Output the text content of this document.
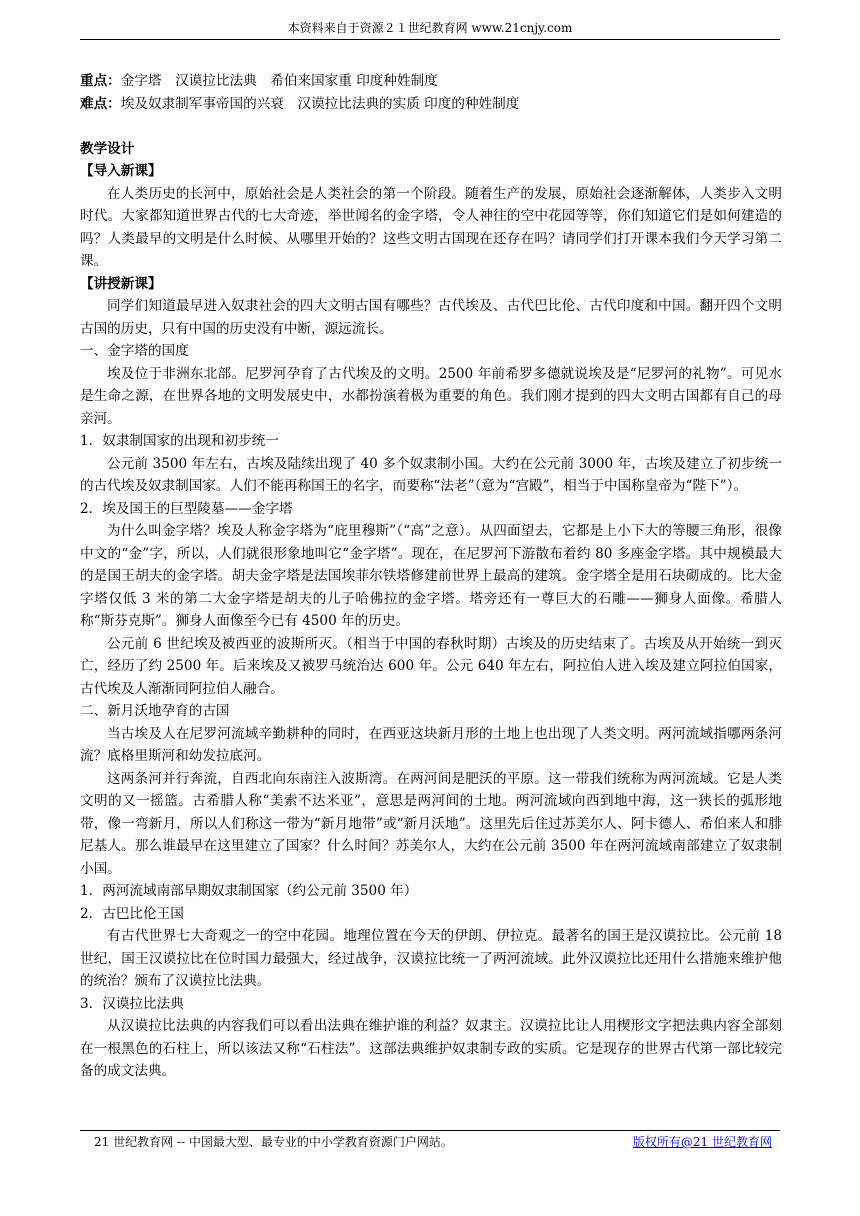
本资料来自于资源２１世纪教育网 www.21cnjy.com

重点：金字塔　汉谟拉比法典　希伯来国家重 印度种姓制度

难点：埃及奴隶制军事帝国的兴衰　汉谟拉比法典的实质 印度的种姓制度

教学设计

【导入新课】

在人类历史的长河中，原始社会是人类社会的第一个阶段。随着生产的发展，原始社会逐渐解体，人类步入文明时代。大家都知道世界古代的七大奇迹，举世闻名的金字塔，令人神往的空中花园等等，你们知道它们是如何建造的吗？人类最早的文明是什么时候、从哪里开始的？这些文明古国现在还存在吗？请同学们打开课本我们今天学习第二课。

【讲授新课】

同学们知道最早进入奴隶社会的四大文明古国有哪些？古代埃及、古代巴比伦、古代印度和中国。翻开四个文明古国的历史，只有中国的历史没有中断，源远流长。

一、金字塔的国度

埃及位于非洲东北部。尼罗河孕育了古代埃及的文明。2500 年前希罗多德就说埃及是“尼罗河的礼物”。可见水是生命之源，在世界各地的文明发展史中，水都扮演着极为重要的角色。我们刚才提到的四大文明古国都有自己的母亲河。

1．奴隶制国家的出现和初步统一

公元前 3500 年左右，古埃及陆续出现了 40 多个奴隶制小国。大约在公元前 3000 年，古埃及建立了初步统一的古代埃及奴隶制国家。人们不能再称国王的名字，而要称“法老”（意为“宫殿”，相当于中国称皇帝为“陛下”）。

2．埃及国王的巨型陵墓——金字塔

为什么叫金字塔？埃及人称金字塔为“庇里穆斯”（“高”之意）。从四面望去，它都是上小下大的等腰三角形，很像中文的“金”字，所以，人们就很形象地叫它“金字塔”。现在，在尼罗河下游散布着约 80 多座金字塔。其中规模最大的是国王胡夫的金字塔。胡夫金字塔是法国埃菲尔铁塔修建前世界上最高的建筑。金字塔全是用石块砌成的。比大金字塔仅低 3 米的第二大金字塔是胡夫的儿子哈佛拉的金字塔。塔旁还有一尊巨大的石雕——狮身人面像。希腊人称“斯芬克斯”。狮身人面像至今已有 4500 年的历史。

公元前 6 世纪埃及被西亚的波斯所灭。（相当于中国的春秋时期）古埃及的历史结束了。古埃及从开始统一到灭亡，经历了约 2500 年。后来埃及又被罗马统治达 600 年。公元 640 年左右，阿拉伯人进入埃及建立阿拉伯国家，古代埃及人渐渐同阿拉伯人融合。

二、新月沃地孕育的古国

当古埃及人在尼罗河流域辛勤耕种的同时，在西亚这块新月形的土地上也出现了人类文明。两河流域指哪两条河流？底格里斯河和幼发拉底河。

这两条河并行奔流，自西北向东南注入波斯湾。在两河间是肥沃的平原。这一带我们统称为两河流域。它是人类文明的又一摇篮。古希腊人称“美索不达米亚”，意思是两河间的土地。两河流域向西到地中海，这一狭长的弧形地带，像一弯新月，所以人们称这一带为“新月地带”或“新月沃地”。这里先后住过苏美尔人、阿卡德人、希伯来人和腓尼基人。那么谁最早在这里建立了国家？什么时间？苏美尔人，大约在公元前 3500 年在两河流域南部建立了奴隶制小国。

1．两河流域南部早期奴隶制国家（约公元前 3500 年）

2．古巴比伦王国

有古代世界七大奇观之一的空中花园。地理位置在今天的伊朗、伊拉克。最著名的国王是汉谟拉比。公元前 18 世纪，国王汉谟拉比在位时国力最强大，经过战争，汉谟拉比统一了两河流域。此外汉谟拉比还用什么措施来维护他的统治？颁布了汉谟拉比法典。

3．汉谟拉比法典

从汉谟拉比法典的内容我们可以看出法典在维护谁的利益？奴隶主。汉谟拉比让人用楔形文字把法典内容全部刻在一根黑色的石柱上，所以该法又称“石柱法”。这部法典维护奴隶制专政的实质。它是现存的世界古代第一部比较完备的成文法典。

21 世纪教育网 -- 中国最大型、最专业的中小学教育资源门户网站。	版权所有@21 世纪教育网
